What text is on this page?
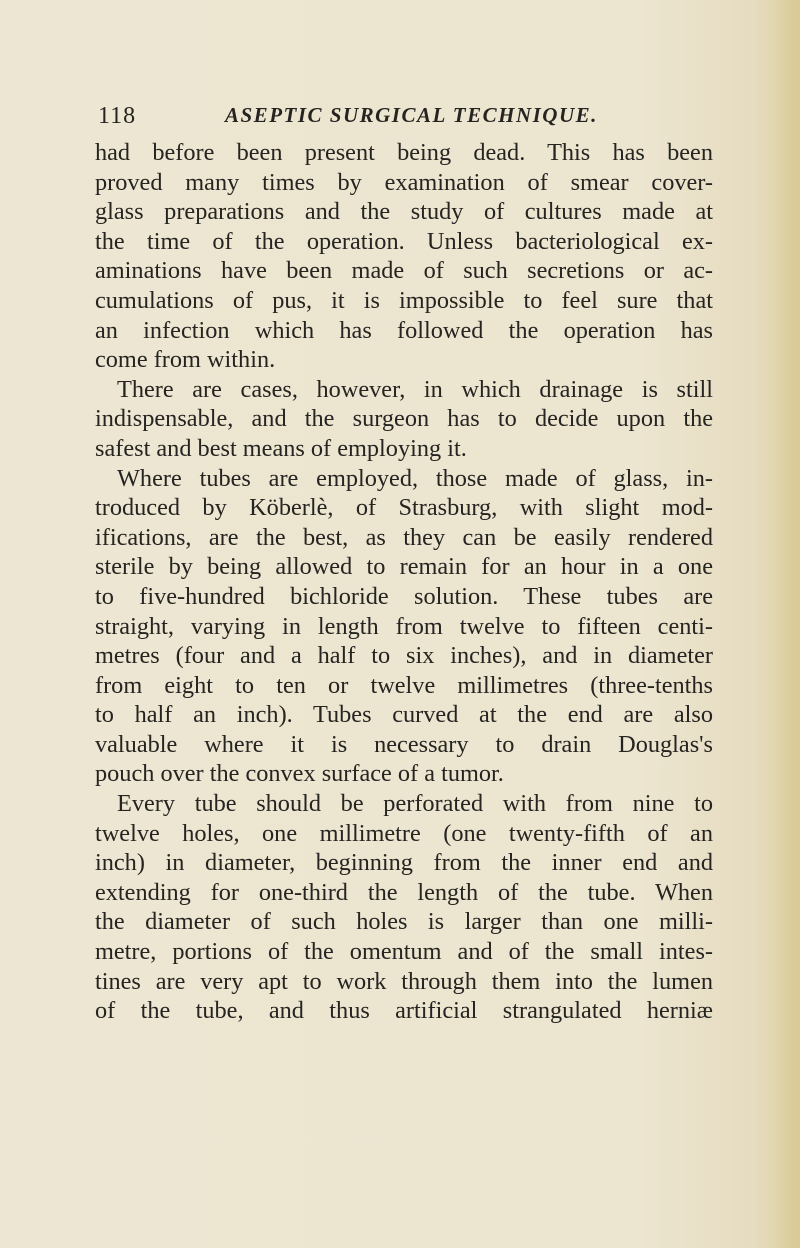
118	ASEPTIC SURGICAL TECHNIQUE.
had before been present being dead. This has been
proved many times by examination of smear cover-
glass preparations and the study of cultures made at
the time of the operation. Unless bacteriological ex-
aminations have been made of such secretions or ac-
cumulations of pus, it is impossible to feel sure that
an infection which has followed the operation has
come from within.
There are cases, however, in which drainage is still
indispensable, and the surgeon has to decide upon the
safest and best means of employing it.
Where tubes are employed, those made of glass, in-
troduced by Köberlè, of Strasburg, with slight mod-
ifications, are the best, as they can be easily rendered
sterile by being allowed to remain for an hour in a one
to five-hundred bichloride solution. These tubes are
straight, varying in length from twelve to fifteen centi-
metres (four and a half to six inches), and in diameter
from eight to ten or twelve millimetres (three-tenths
to half an inch). Tubes curved at the end are also
valuable where it is necessary to drain Douglas's
pouch over the convex surface of a tumor.
Every tube should be perforated with from nine to
twelve holes, one millimetre (one twenty-fifth of an
inch) in diameter, beginning from the inner end and
extending for one-third the length of the tube. When
the diameter of such holes is larger than one milli-
metre, portions of the omentum and of the small intes-
tines are very apt to work through them into the lumen
of the tube, and thus artificial strangulated herniæ
